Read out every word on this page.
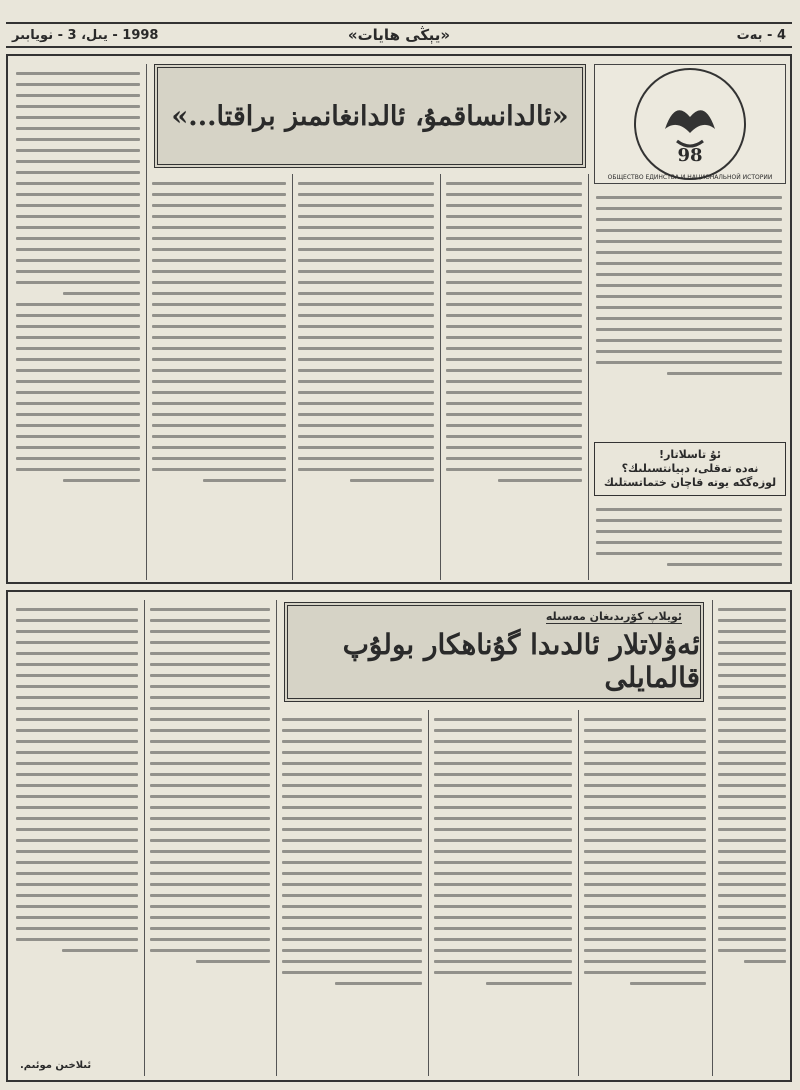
4 - بەت
«يېڭى ھايات»
1998 - يىل، 3 - نويابىر
«ئالدانساقمۇ، ئالدانغانمىز براقتا...»
98
ОБЩЕСТВО ЕДИНСТВА И НАЦИОНАЛЬНОЙ ИСТОРИИ
ئۇ تاسلاتار!
نەدە تەقلى، دېيانتسىلىك؟
لوزەگكە يوتە قاچان ختماتستلىك
ئويلاپ كۆرىدىغان مەسىلە
ئەۋلاتلار ئالدىدا گۇناھكار بولۇپ قالمايلى
ئىلاخىن موئىم.
